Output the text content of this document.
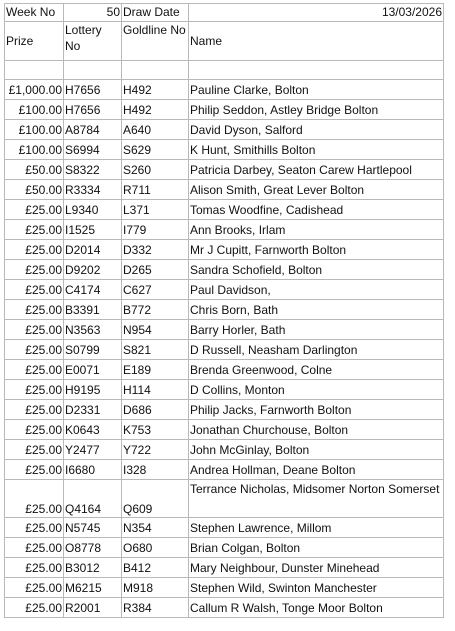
Week No	50	Draw Date	13/03/2026
Prize	Lottery No	Goldline No	Name

£1,000.00	H7656	H492	Pauline Clarke, Bolton
£100.00	H7656	H492	Philip Seddon, Astley Bridge Bolton
£100.00	A8784	A640	David Dyson, Salford
£100.00	S6994	S629	K Hunt, Smithills Bolton
£50.00	S8322	S260	Patricia Darbey, Seaton Carew Hartlepool
£50.00	R3334	R711	Alison Smith, Great Lever Bolton
£25.00	L9340	L371	Tomas Woodfine, Cadishead
£25.00	I1525	I779	Ann Brooks, Irlam
£25.00	D2014	D332	Mr J Cupitt, Farnworth Bolton
£25.00	D9202	D265	Sandra Schofield, Bolton
£25.00	C4174	C627	Paul Davidson,
£25.00	B3391	B772	Chris Born, Bath
£25.00	N3563	N954	Barry Horler, Bath
£25.00	S0799	S821	D Russell, Neasham Darlington
£25.00	E0071	E189	Brenda Greenwood, Colne
£25.00	H9195	H114	D Collins, Monton
£25.00	D2331	D686	Philip Jacks, Farnworth Bolton
£25.00	K0643	K753	Jonathan Churchouse, Bolton
£25.00	Y2477	Y722	John McGinlay, Bolton
£25.00	I6680	I328	Andrea Hollman, Deane Bolton
£25.00	Q4164	Q609	Terrance Nicholas, Midsomer Norton Somerset
£25.00	N5745	N354	Stephen Lawrence, Millom
£25.00	O8778	O680	Brian Colgan, Bolton
£25.00	B3012	B412	Mary Neighbour, Dunster Minehead
£25.00	M6215	M918	Stephen Wild, Swinton Manchester
£25.00	R2001	R384	Callum R Walsh, Tonge Moor Bolton
